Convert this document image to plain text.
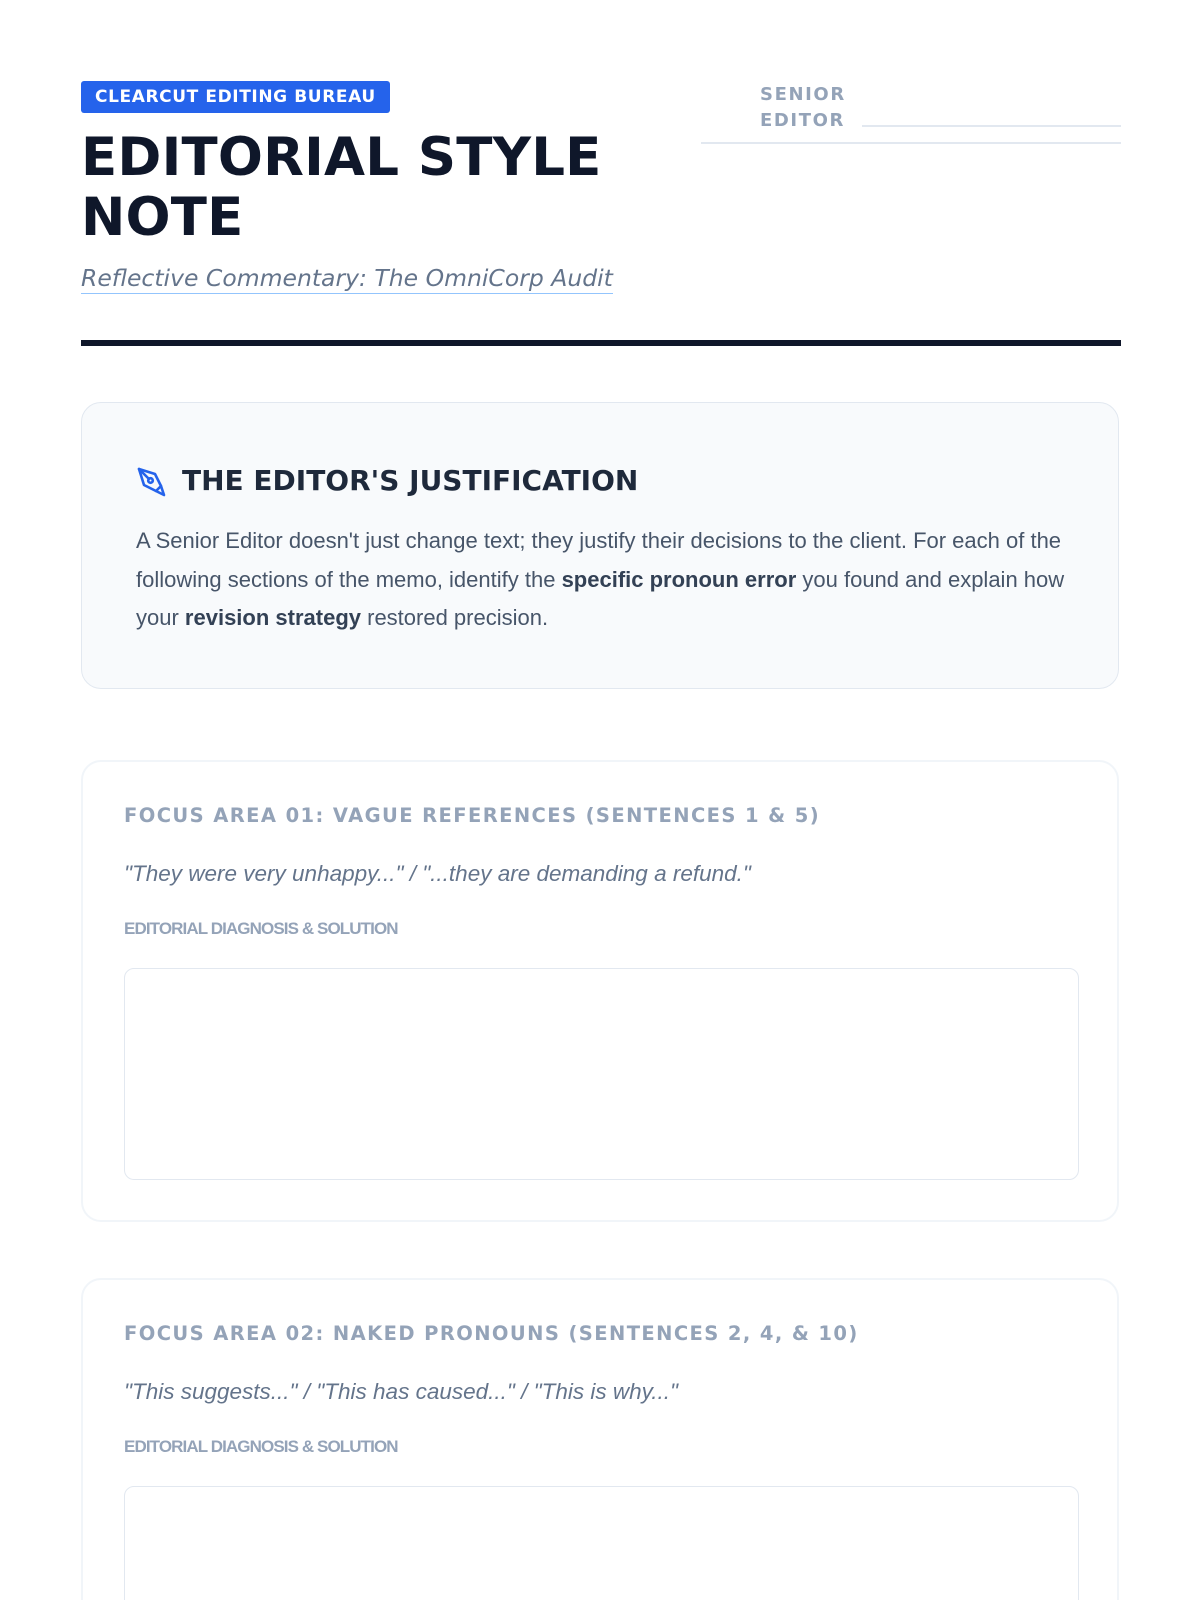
CLEARCUT EDITING BUREAU
EDITORIAL STYLE NOTE
Reflective Commentary: The OmniCorp Audit
SENIOR EDITOR
THE EDITOR'S JUSTIFICATION

A Senior Editor doesn't just change text; they justify their decisions to the client. For each of the following sections of the memo, identify the specific pronoun error you found and explain how your revision strategy restored precision.

FOCUS AREA 01: VAGUE REFERENCES (SENTENCES 1 & 5)

"They were very unhappy..." / "...they are demanding a refund."

EDITORIAL DIAGNOSIS & SOLUTION
FOCUS AREA 02: NAKED PRONOUNS (SENTENCES 2, 4, & 10)

"This suggests..." / "This has caused..." / "This is why..."

EDITORIAL DIAGNOSIS & SOLUTION
